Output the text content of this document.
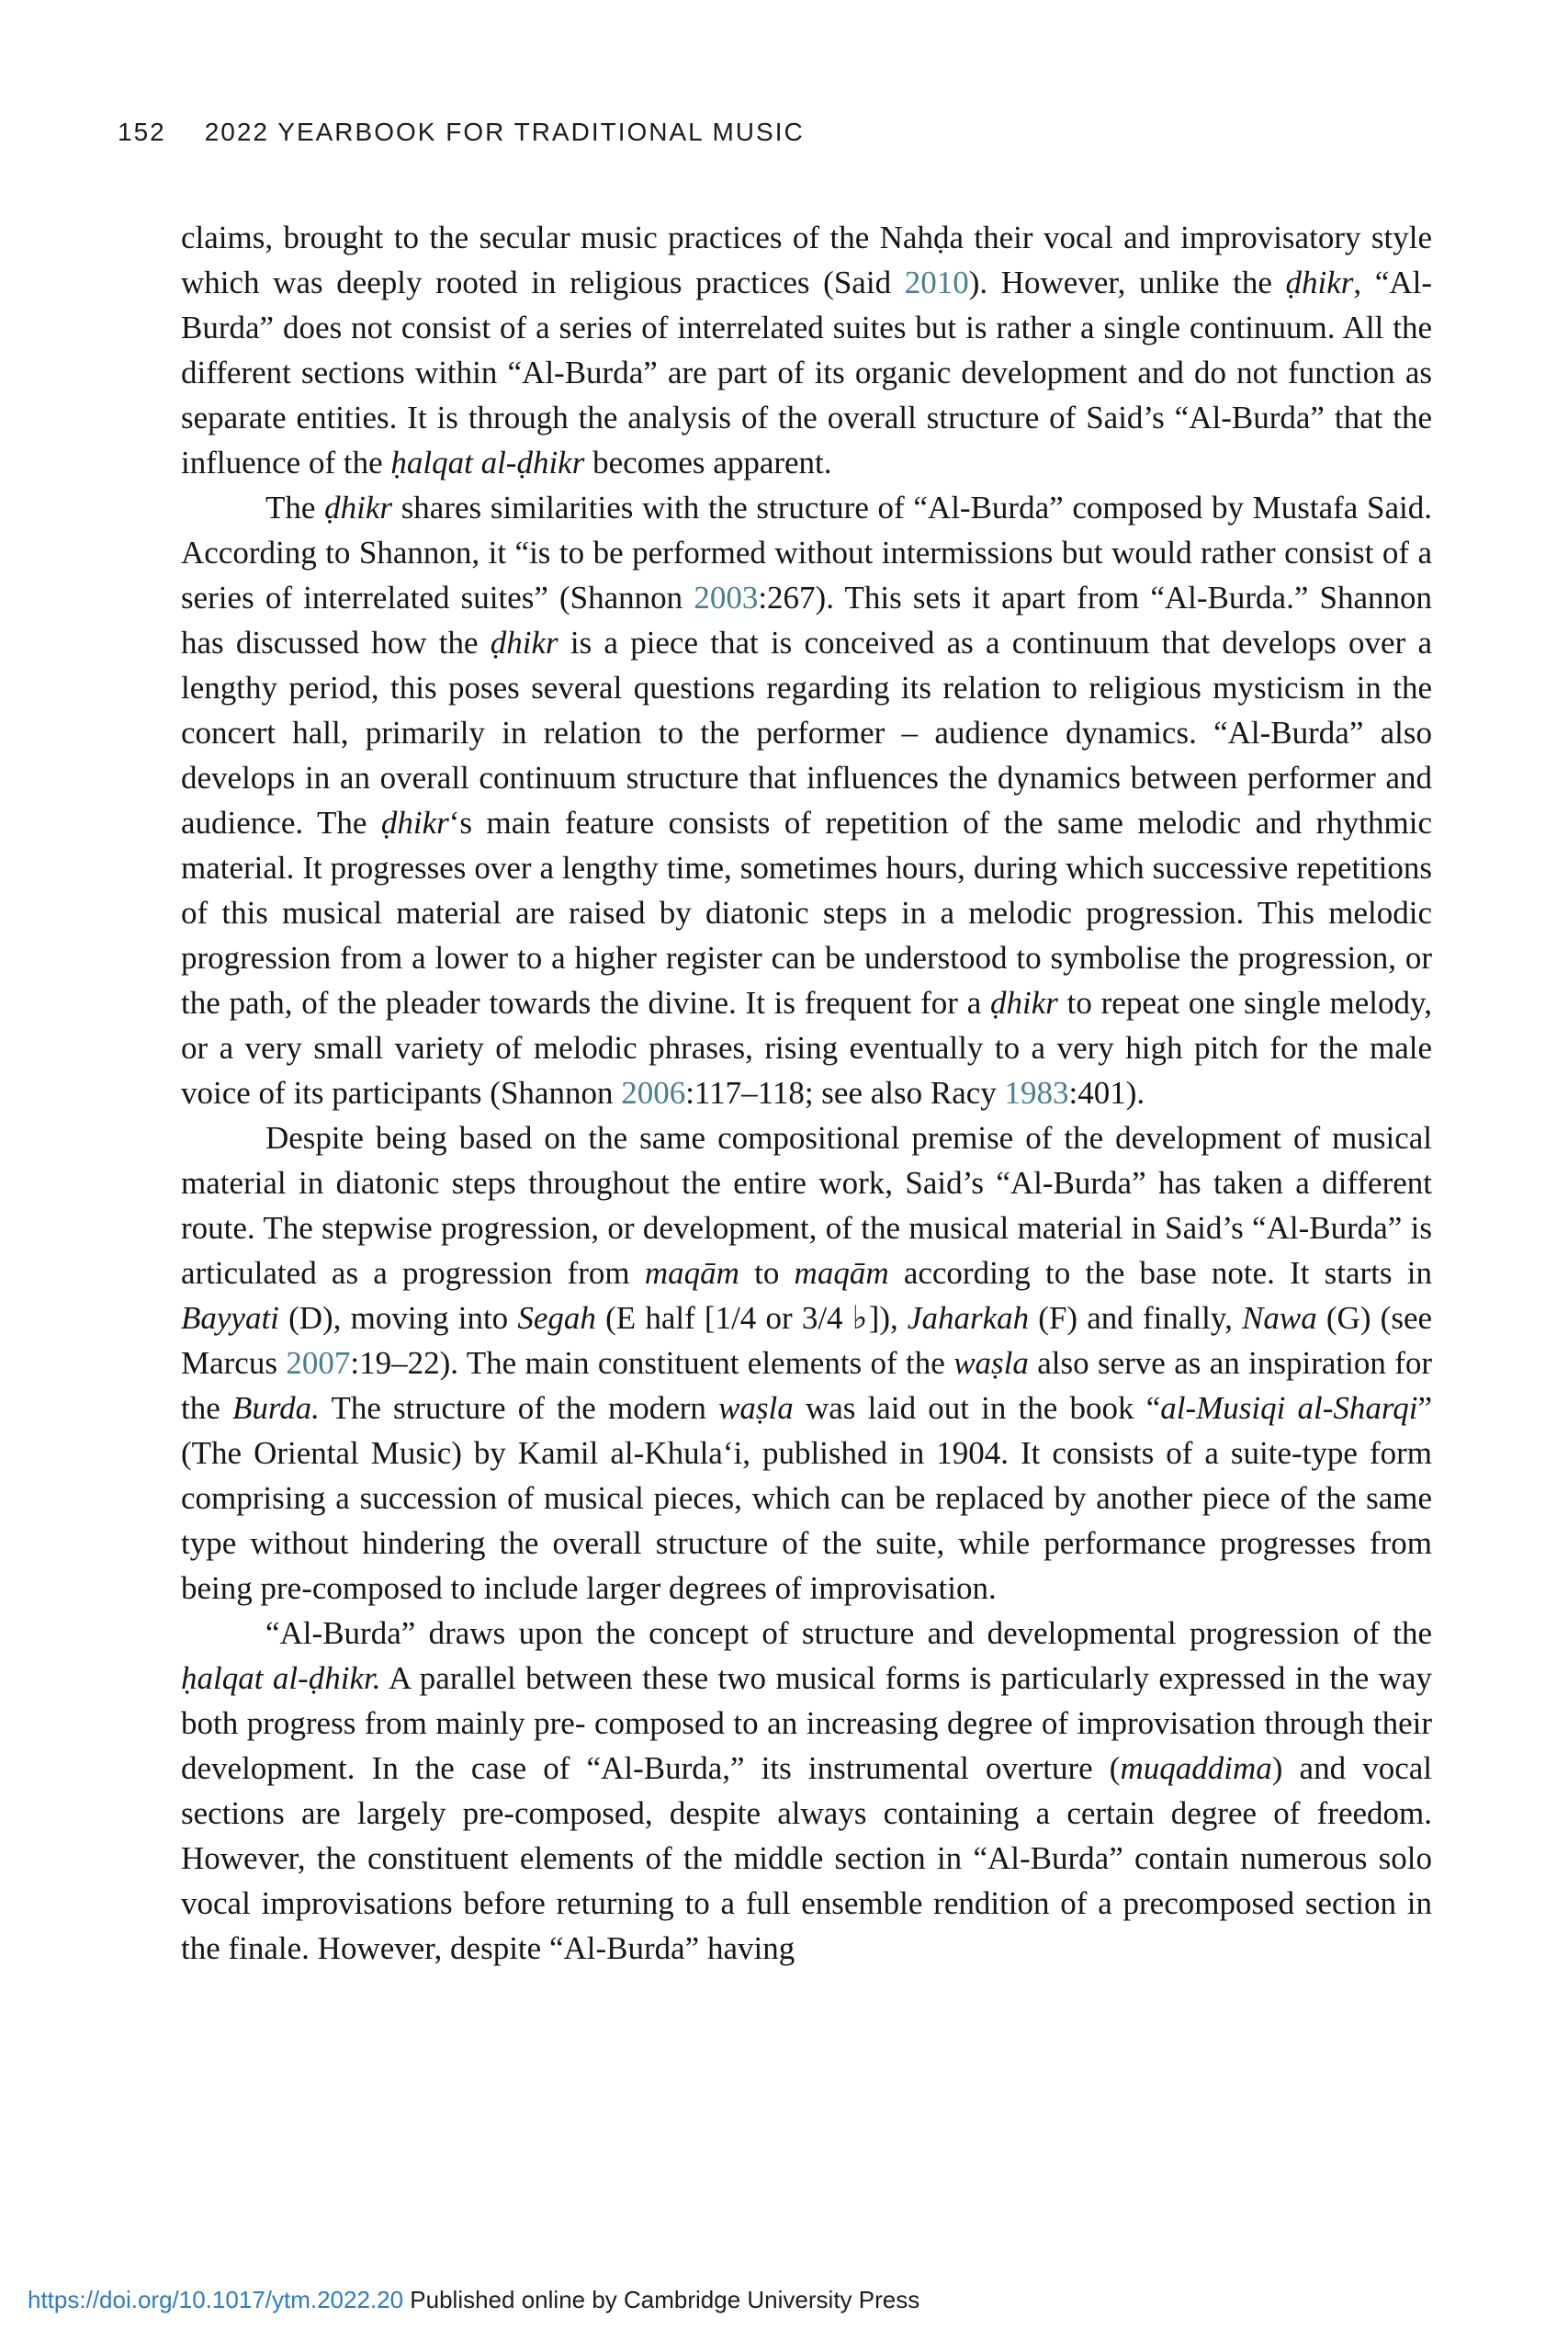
152 2022 YEARBOOK FOR TRADITIONAL MUSIC

claims, brought to the secular music practices of the Nahḍa their vocal and improvisatory style which was deeply rooted in religious practices (Said 2010). However, unlike the ḍhikr, “Al-Burda” does not consist of a series of interrelated suites but is rather a single continuum. All the different sections within “Al-Burda” are part of its organic development and do not function as separate entities. It is through the analysis of the overall structure of Said’s “Al-Burda” that the influence of the ḥalqat al-ḍhikr becomes apparent.

The ḍhikr shares similarities with the structure of “Al-Burda” composed by Mustafa Said. According to Shannon, it “is to be performed without intermissions but would rather consist of a series of interrelated suites” (Shannon 2003:267). This sets it apart from “Al-Burda.” Shannon has discussed how the ḍhikr is a piece that is conceived as a continuum that develops over a lengthy period, this poses several questions regarding its relation to religious mysticism in the concert hall, primarily in relation to the performer – audience dynamics. “Al-Burda” also develops in an overall continuum structure that influences the dynamics between performer and audience. The ḍhikr‘s main feature consists of repetition of the same melodic and rhythmic material. It progresses over a lengthy time, sometimes hours, during which successive repetitions of this musical material are raised by diatonic steps in a melodic progression. This melodic progression from a lower to a higher register can be understood to symbolise the progression, or the path, of the pleader towards the divine. It is frequent for a ḍhikr to repeat one single melody, or a very small variety of melodic phrases, rising eventually to a very high pitch for the male voice of its participants (Shannon 2006:117–118; see also Racy 1983:401).

Despite being based on the same compositional premise of the development of musical material in diatonic steps throughout the entire work, Said’s “Al-Burda” has taken a different route. The stepwise progression, or development, of the musical material in Said’s “Al-Burda” is articulated as a progression from maqām to maqām according to the base note. It starts in Bayyati (D), moving into Segah (E half [1/4 or 3/4 ♭]), Jaharkah (F) and finally, Nawa (G) (see Marcus 2007:19–22). The main constituent elements of the waṣla also serve as an inspiration for the Burda. The structure of the modern waṣla was laid out in the book “al-Musiqi al-Sharqi” (The Oriental Music) by Kamil al-Khula‘i, published in 1904. It consists of a suite-type form comprising a succession of musical pieces, which can be replaced by another piece of the same type without hindering the overall structure of the suite, while performance progresses from being pre-composed to include larger degrees of improvisation.

“Al-Burda” draws upon the concept of structure and developmental progression of the ḥalqat al-ḍhikr. A parallel between these two musical forms is particularly expressed in the way both progress from mainly pre- composed to an increasing degree of improvisation through their development. In the case of “Al-Burda,” its instrumental overture (muqaddima) and vocal sections are largely pre-composed, despite always containing a certain degree of freedom. However, the constituent elements of the middle section in “Al-Burda” contain numerous solo vocal improvisations before returning to a full ensemble rendition of a precomposed section in the finale. However, despite “Al-Burda” having

https://doi.org/10.1017/ytm.2022.20 Published online by Cambridge University Press
